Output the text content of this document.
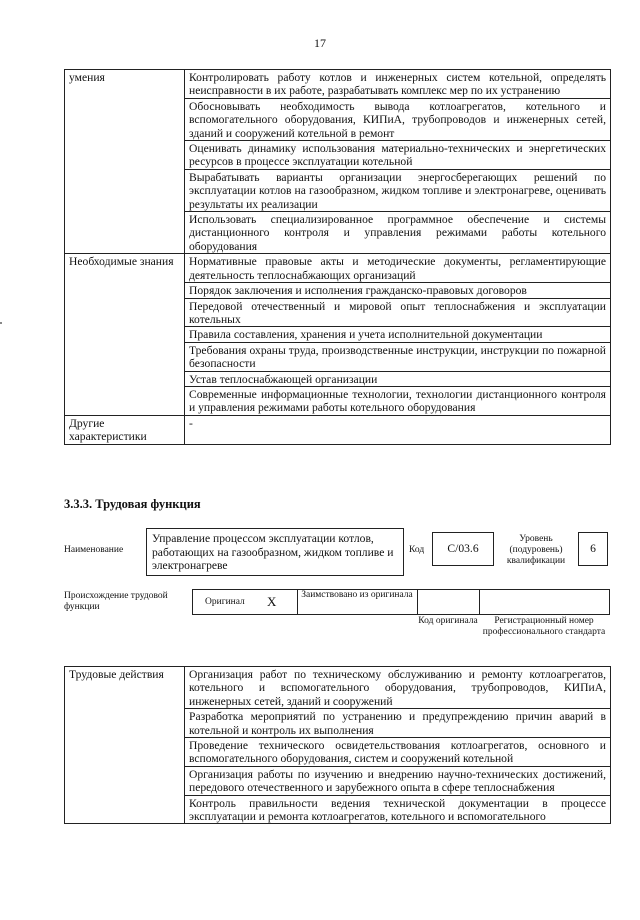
17
умения	Контролировать работу котлов и инженерных систем котельной, определять неисправности в их работе, разрабатывать комплекс мер по их устранению
	Обосновывать необходимость вывода котлоагрегатов, котельного и вспомогательного оборудования, КИПиА, трубопроводов и инженерных сетей, зданий и сооружений котельной в ремонт
	Оценивать динамику использования материально-технических и энергетических ресурсов в процессе эксплуатации котельной
	Вырабатывать варианты организации энергосберегающих решений по эксплуатации котлов на газообразном, жидком топливе и электронагреве, оценивать результаты их реализации
	Использовать специализированное программное обеспечение и системы дистанционного контроля и управления режимами работы котельного оборудования
Необходимые знания	Нормативные правовые акты и методические документы, регламентирующие деятельность теплоснабжающих организаций
	Порядок заключения и исполнения гражданско-правовых договоров
	Передовой отечественный и мировой опыт теплоснабжения и эксплуатации котельных
	Правила составления, хранения и учета исполнительной документации
	Требования охраны труда, производственные инструкции, инструкции по пожарной безопасности
	Устав теплоснабжающей организации
	Современные информационные технологии, технологии дистанционного контроля и управления режимами работы котельного оборудования
Другие характеристики	-
3.3.3. Трудовая функция
Наименование
Управление процессом эксплуатации котлов, работающих на газообразном, жидком топливе и электронагреве
Код	C/03.6
Уровень (подуровень) квалификации
6
Происхождение трудовой функции	Оригинал X	Заимствовано из оригинала
Код оригинала	Регистрационный номер профессионального стандарта
Трудовые действия	Организация работ по техническому обслуживанию и ремонту котлоагрегатов, котельного и вспомогательного оборудования, трубопроводов, КИПиА, инженерных сетей, зданий и сооружений
Разработка мероприятий по устранению и предупреждению причин аварий в котельной и контроль их выполнения
Проведение технического освидетельствования котлоагрегатов, основного и вспомогательного оборудования, систем и сооружений котельной
Организация работы по изучению и внедрению научно-технических достижений, передового отечественного и зарубежного опыта в сфере теплоснабжения
Контроль правильности ведения технической документации в процессе эксплуатации и ремонта котлоагрегатов, котельного и вспомогательного
